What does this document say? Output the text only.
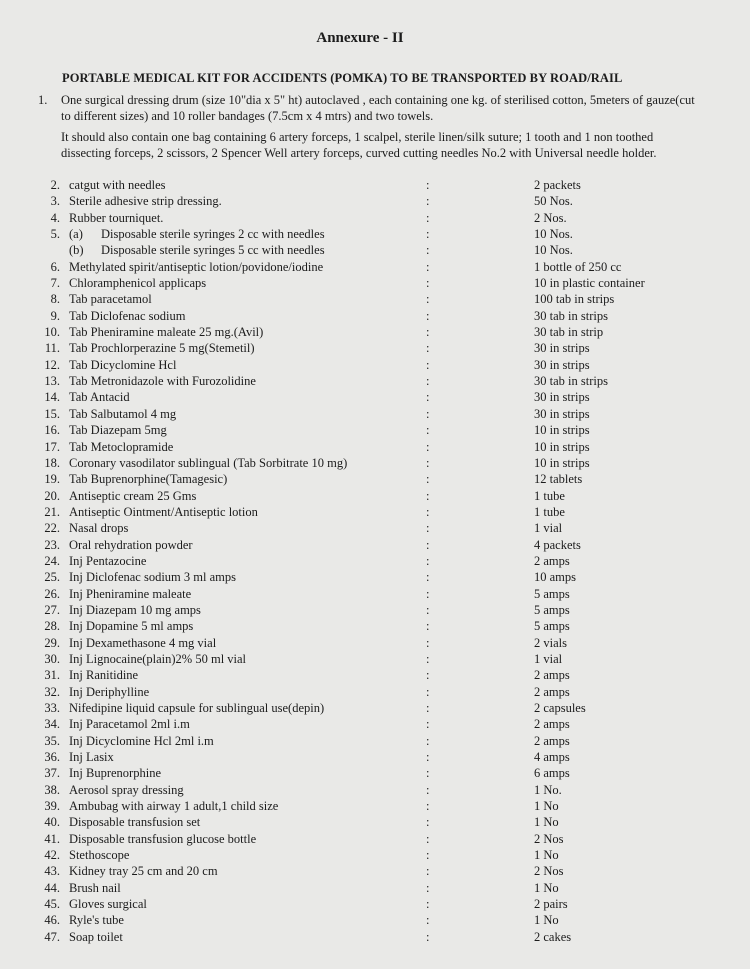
Annexure - II
PORTABLE MEDICAL KIT FOR ACCIDENTS (POMKA) TO BE TRANSPORTED BY ROAD/RAIL
1. One surgical dressing drum (size 10"dia x 5" ht) autoclaved , each containing one kg. of sterilised cotton, 5meters of gauze(cut to different sizes) and 10 roller bandages (7.5cm x 4 mtrs) and two towels.

It should also contain one bag containing 6 artery forceps, 1 scalpel, sterile linen/silk suture; 1 tooth and 1 non toothed dissecting forceps, 2 scissors, 2 Spencer Well artery forceps, curved cutting needles No.2 with Universal needle holder.

2. catgut with needles	:	2 packets
3. Sterile adhesive strip dressing.	:	50 Nos.
4. Rubber tourniquet.	:	2 Nos.
5. (a) Disposable sterile syringes 2 cc with needles	:	10 Nos.
(b) Disposable sterile syringes 5 cc with needles	:	10 Nos.
6. Methylated spirit/antiseptic lotion/povidone/iodine	:	1 bottle of 250 cc
7. Chloramphenicol applicaps	:	10 in plastic container
8. Tab paracetamol	:	100 tab in strips
9. Tab Diclofenac sodium	:	30 tab in strips
10. Tab Pheniramine maleate 25 mg.(Avil)	:	30 tab in strip
11. Tab Prochlorperazine 5 mg(Stemetil)	:	30 in strips
12. Tab Dicyclomine Hcl	:	30 in strips
13. Tab Metronidazole with Furozolidine	:	30 tab in strips
14. Tab Antacid	:	30 in strips
15. Tab Salbutamol 4 mg	:	30 in strips
16. Tab Diazepam 5mg	:	10 in strips
17. Tab Metoclopramide	:	10 in strips
18. Coronary vasodilator sublingual (Tab Sorbitrate 10 mg)	:	10 in strips
19. Tab Buprenorphine(Tamagesic)	:	12 tablets
20. Antiseptic cream 25 Gms	:	1 tube
21. Antiseptic Ointment/Antiseptic lotion	:	1 tube
22. Nasal drops	:	1 vial
23. Oral rehydration powder	:	4 packets
24. Inj Pentazocine	:	2 amps
25. Inj Diclofenac sodium 3 ml amps	:	10 amps
26. Inj Pheniramine maleate	:	5 amps
27. Inj Diazepam 10 mg amps	:	5 amps
28. Inj Dopamine 5 ml amps	:	5 amps
29. Inj Dexamethasone 4 mg vial	:	2 vials
30. Inj Lignocaine(plain)2% 50 ml vial	:	1 vial
31. Inj Ranitidine	:	2 amps
32. Inj Deriphylline	:	2 amps
33. Nifedipine liquid capsule for sublingual use(depin)	:	2 capsules
34. Inj Paracetamol 2ml i.m	:	2 amps
35. Inj Dicyclomine Hcl 2ml i.m	:	2 amps
36. Inj Lasix	:	4 amps
37. Inj Buprenorphine	:	6 amps
38. Aerosol spray dressing	:	1 No.
39. Ambubag with airway 1 adult,1 child size	:	1 No
40. Disposable transfusion set	:	1 No
41. Disposable transfusion glucose bottle	:	2 Nos
42. Stethoscope	:	1 No
43. Kidney tray 25 cm and 20 cm	:	2 Nos
44. Brush nail	:	1 No
45. Gloves surgical	:	2 pairs
46. Ryle's tube	:	1 No
47. Soap toilet	:	2 cakes
